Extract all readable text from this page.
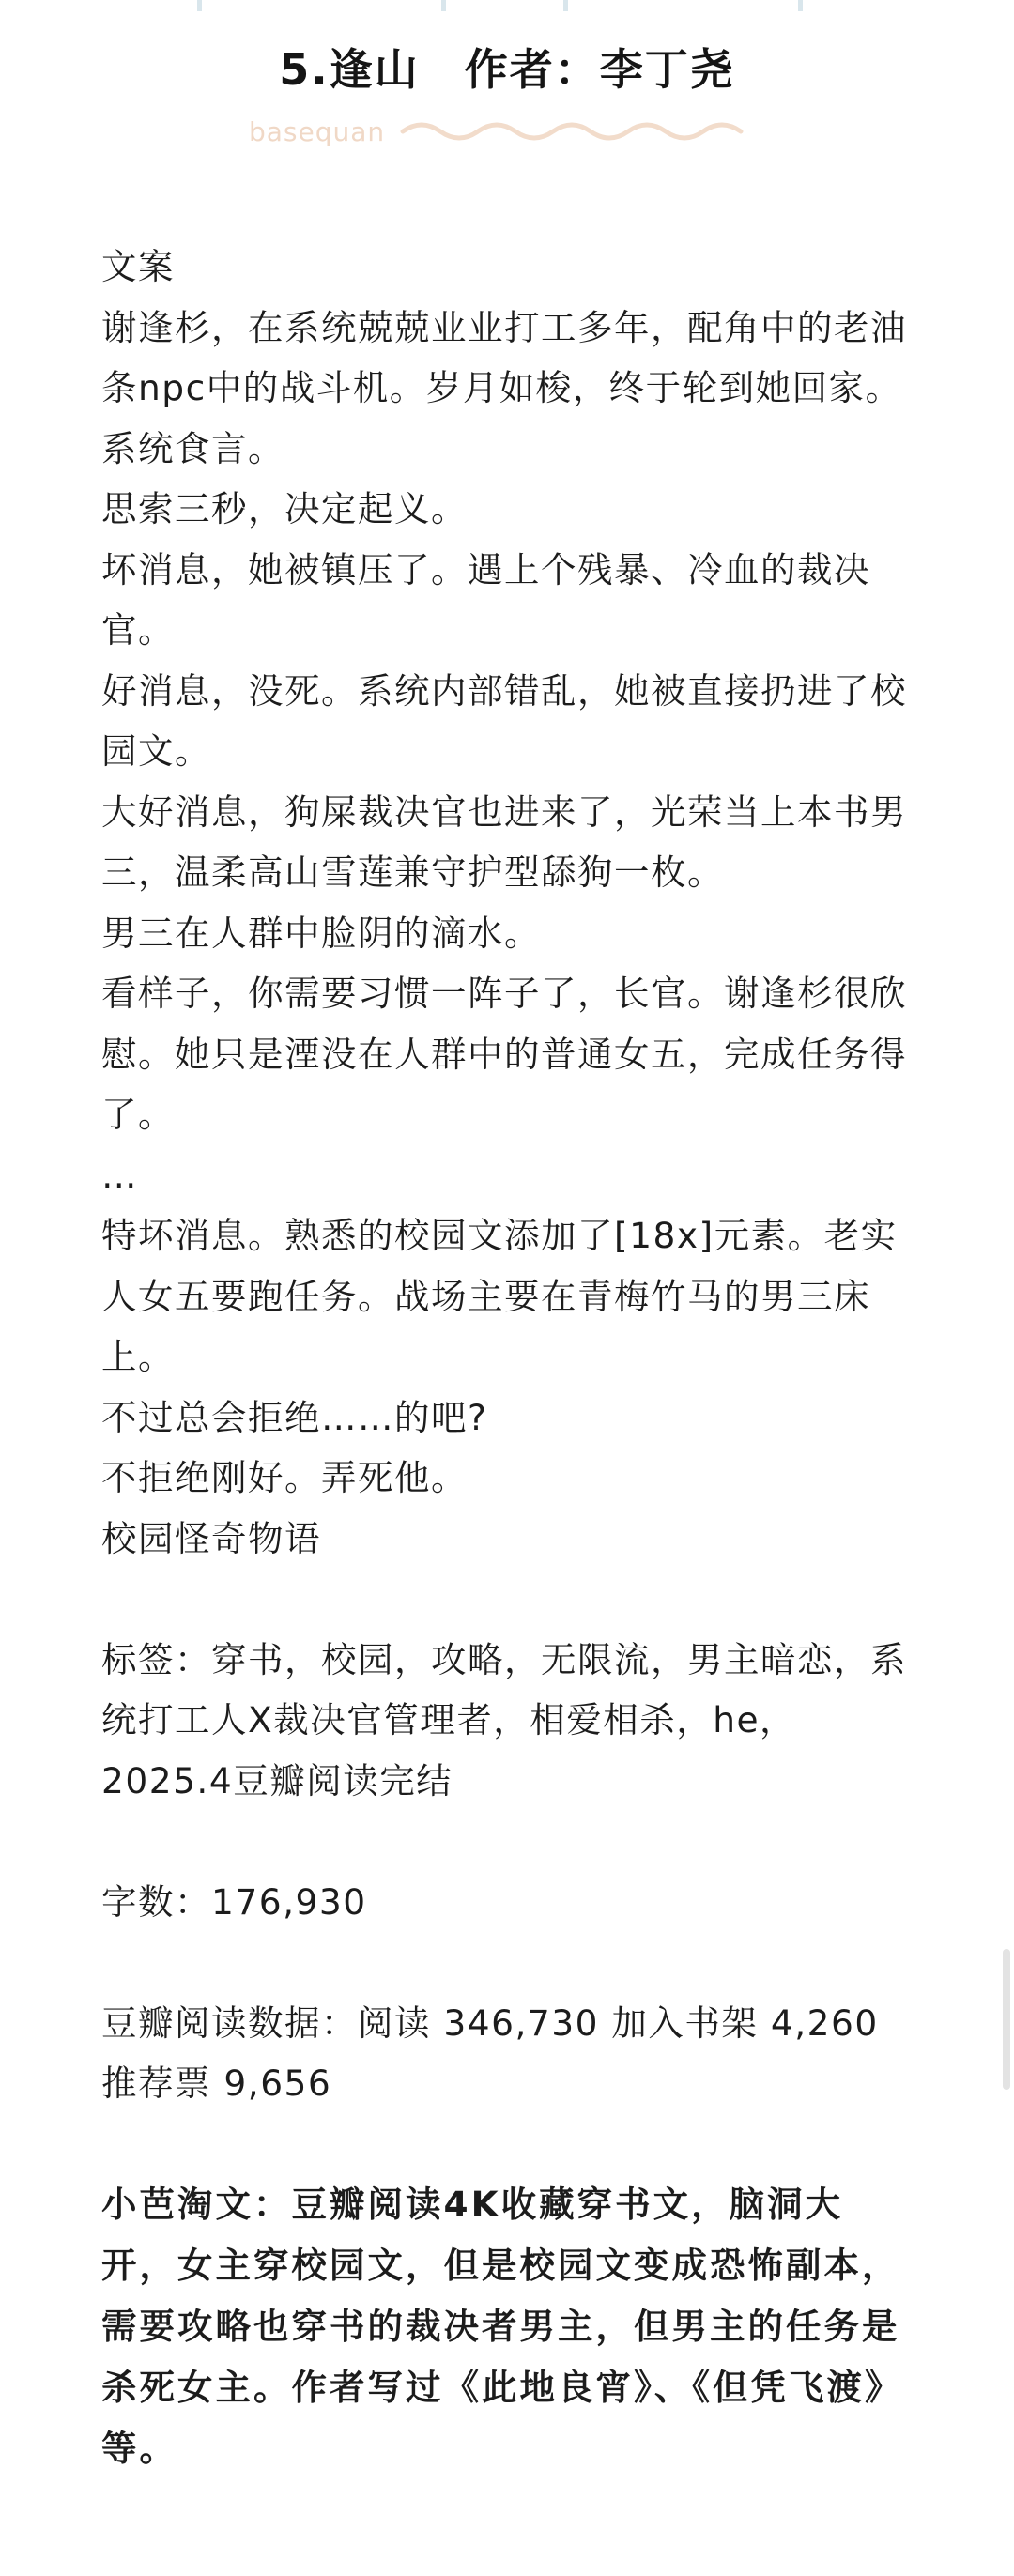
5.逢山　作者：李丁尧
basequan

文案

谢逢杉，在系统兢兢业业打工多年，配角中的老油条npc中的战斗机。岁月如梭，终于轮到她回家。

系统食言。

思索三秒，决定起义。

坏消息，她被镇压了。遇上个残暴、冷血的裁决官。

好消息，没死。系统内部错乱，她被直接扔进了校园文。

大好消息，狗屎裁决官也进来了，光荣当上本书男三，温柔高山雪莲兼守护型舔狗一枚。

男三在人群中脸阴的滴水。

看样子，你需要习惯一阵子了，长官。谢逢杉很欣慰。她只是湮没在人群中的普通女五，完成任务得了。

…

特坏消息。熟悉的校园文添加了[18x]元素。老实人女五要跑任务。战场主要在青梅竹马的男三床上。

不过总会拒绝……的吧?

不拒绝刚好。弄死他。

校园怪奇物语

标签：穿书，校园，攻略，无限流，男主暗恋，系统打工人X裁决官管理者，相爱相杀，he，2025.4豆瓣阅读完结

字数：176,930

豆瓣阅读数据：阅读 346,730 加入书架 4,260 推荐票 9,656

小芭淘文：豆瓣阅读4K收藏穿书文，脑洞大开，女主穿校园文，但是校园文变成恐怖副本，需要攻略也穿书的裁决者男主，但男主的任务是杀死女主。作者写过《此地良宵》、《但凭飞渡》等。
